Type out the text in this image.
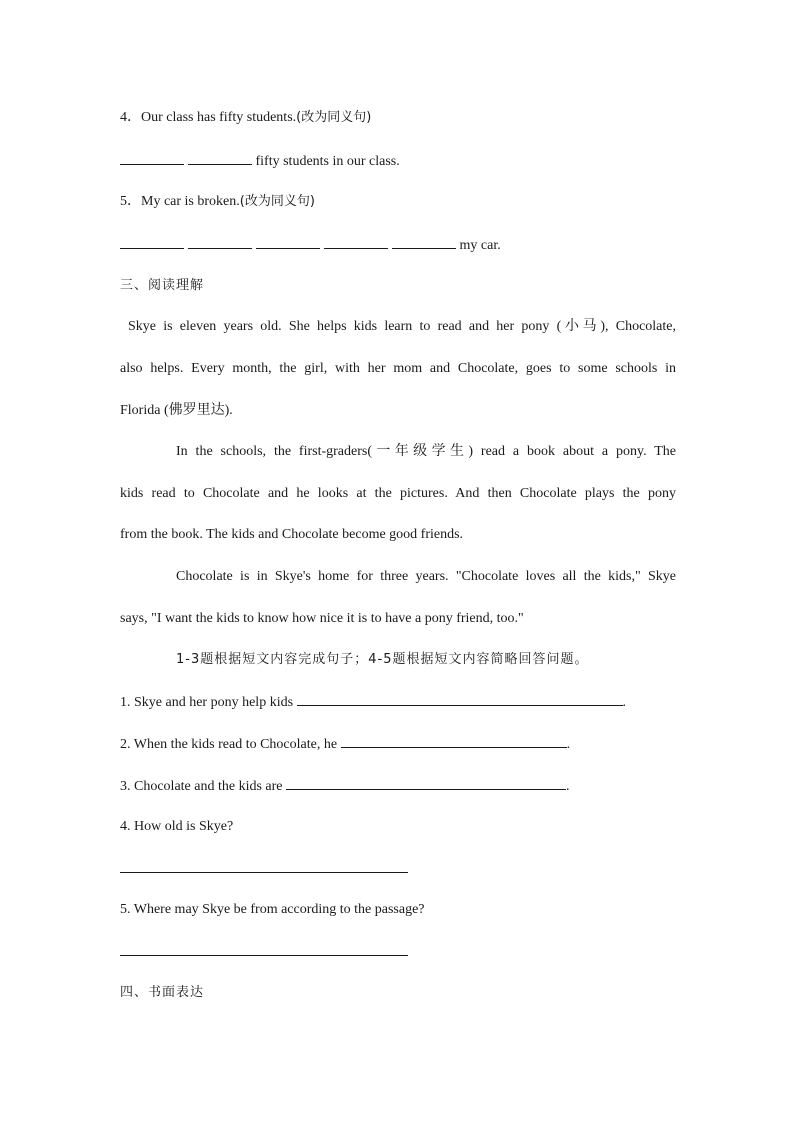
4．Our class has fifty students.(改为同义句)
fifty students in our class.
5．My car is broken.(改为同义句)
my car.
三、阅读理解
Skye is eleven years old. She helps kids learn to read and her pony (小马), Chocolate,
also helps. Every month, the girl, with her mom and Chocolate, goes to some schools in
Florida (佛罗里达).
In the schools, the first-graders(一年级学生) read a book about a pony. The
kids read to Chocolate and he looks at the pictures. And then Chocolate plays the pony
from the book. The kids and Chocolate become good friends.
Chocolate is in Skye's home for three years. "Chocolate loves all the kids," Skye
says, "I want the kids to know how nice it is to have a pony friend, too."
1-3题根据短文内容完成句子；4-5题根据短文内容简略回答问题。
1. Skye and her pony help kids	.
2. When the kids read to Chocolate, he	.
3. Chocolate and the kids are	.
4. How old is Skye?
5. Where may Skye be from according to the passage?
四、书面表达
